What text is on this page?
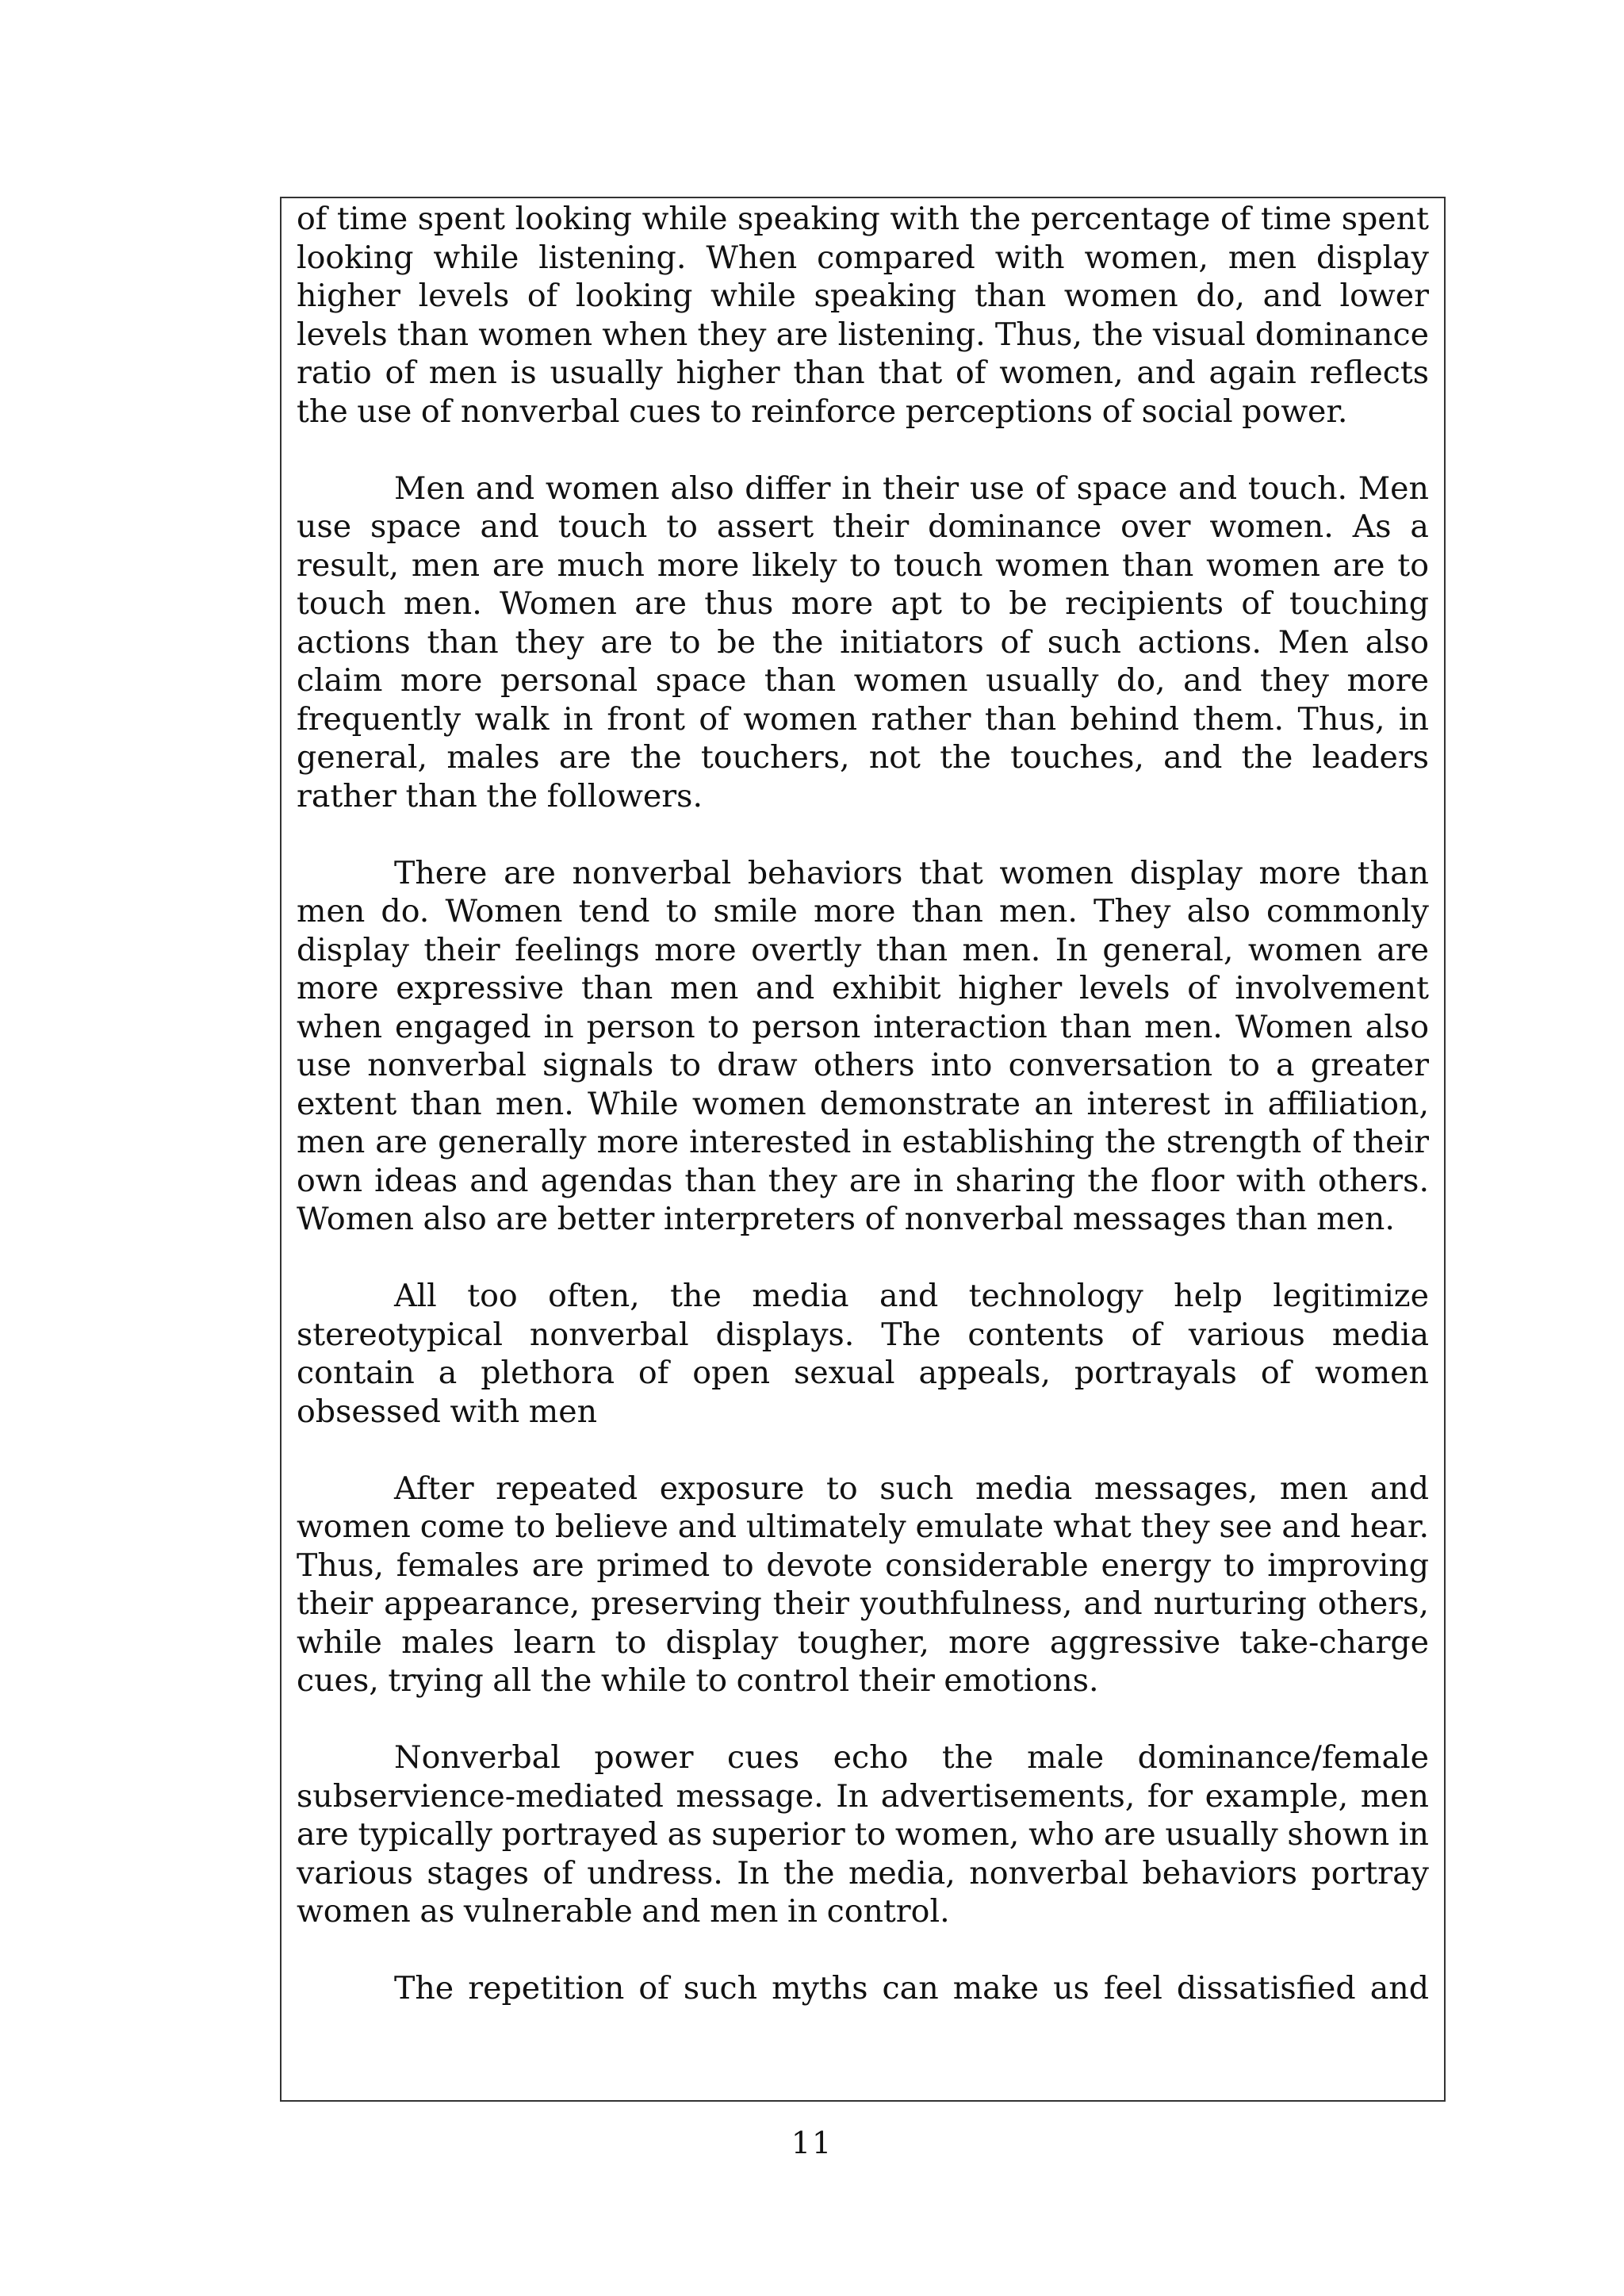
of time spent looking while speaking with the percentage of time spent looking while listening. When compared with women, men display higher levels of looking while speaking than women do, and lower levels than women when they are listening. Thus, the visual dominance ratio of men is usually higher than that of women, and again reflects the use of nonverbal cues to reinforce perceptions of social power.

Men and women also differ in their use of space and touch. Men use space and touch to assert their dominance over women. As a result, men are much more likely to touch women than women are to touch men. Women are thus more apt to be recipients of touching actions than they are to be the initiators of such actions. Men also claim more personal space than women usually do, and they more frequently walk in front of women rather than behind them. Thus, in general, males are the touchers, not the touches, and the leaders rather than the followers.

There are nonverbal behaviors that women display more than men do. Women tend to smile more than men. They also commonly display their feelings more overtly than men. In general, women are more expressive than men and exhibit higher levels of involvement when engaged in person to person interaction than men. Women also use nonverbal signals to draw others into conversation to a greater extent than men. While women demonstrate an interest in affiliation, men are generally more interested in establishing the strength of their own ideas and agendas than they are in sharing the floor with others. Women also are better interpreters of nonverbal messages than men.

All too often, the media and technology help legitimize stereotypical nonverbal displays. The contents of various media contain a plethora of open sexual appeals, portrayals of women obsessed with men

After repeated exposure to such media messages, men and women come to believe and ultimately emulate what they see and hear. Thus, females are primed to devote considerable energy to improving their appearance, preserving their youthfulness, and nurturing others, while males learn to display tougher, more aggressive take-charge cues, trying all the while to control their emotions.

Nonverbal power cues echo the male dominance/female subservience-mediated message. In advertisements, for example, men are typically portrayed as superior to women, who are usually shown in various stages of undress. In the media, nonverbal behaviors portray women as vulnerable and men in control.

The repetition of such myths can make us feel dissatisfied and

11
